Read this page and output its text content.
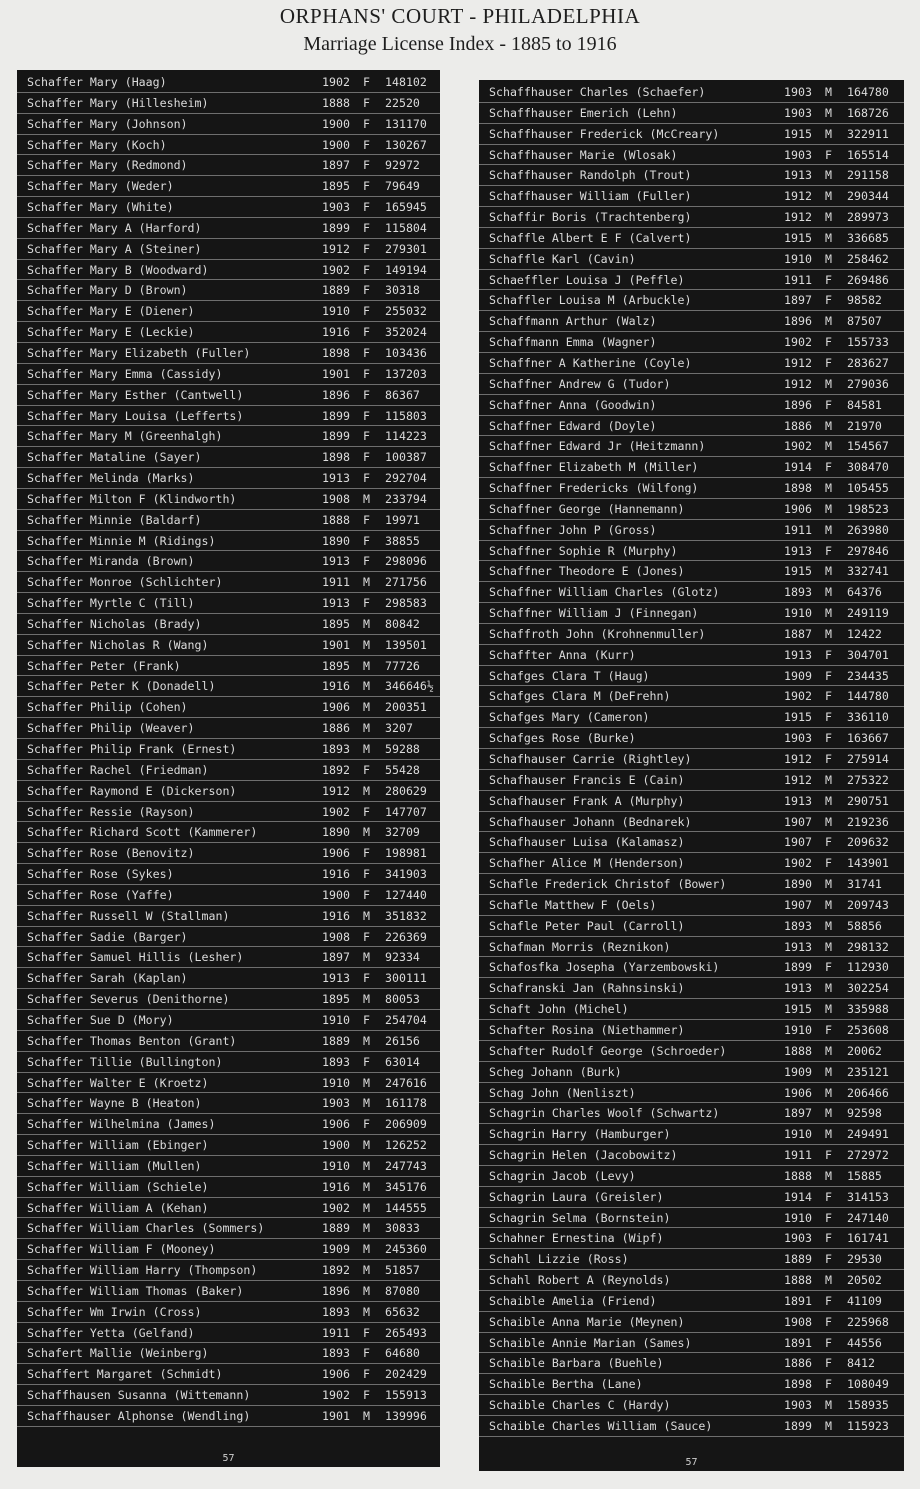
ORPHANS' COURT - PHILADELPHIA
Marriage License Index - 1885 to 1916
Schaffer Mary (Haag)	1902 F 148102
Schaffer Mary (Hillesheim)	1888 F 22520
Schaffer Mary (Johnson)	1900 F 131170
Schaffer Mary (Koch)	1900 F 130267
Schaffer Mary (Redmond)	1897 F 92972
Schaffer Mary (Weder)	1895 F 79649
Schaffer Mary (White)	1903 F 165945
Schaffer Mary A (Harford)	1899 F 115804
Schaffer Mary A (Steiner)	1912 F 279301
Schaffer Mary B (Woodward)	1902 F 149194
Schaffer Mary D (Brown)	1889 F 30318
Schaffer Mary E (Diener)	1910 F 255032
Schaffer Mary E (Leckie)	1916 F 352024
Schaffer Mary Elizabeth (Fuller)	1898 F 103436
Schaffer Mary Emma (Cassidy)	1901 F 137203
Schaffer Mary Esther (Cantwell)	1896 F 86367
Schaffer Mary Louisa (Lefferts)	1899 F 115803
Schaffer Mary M (Greenhalgh)	1899 F 114223
Schaffer Mataline (Sayer)	1898 F 100387
Schaffer Melinda (Marks)	1913 F 292704
Schaffer Milton F (Klindworth)	1908 M 233794
Schaffer Minnie (Baldarf)	1888 F 19971
Schaffer Minnie M (Ridings)	1890 F 38855
Schaffer Miranda (Brown)	1913 F 298096
Schaffer Monroe (Schlichter)	1911 M 271756
Schaffer Myrtle C (Till)	1913 F 298583
Schaffer Nicholas (Brady)	1895 M 80842
Schaffer Nicholas R (Wang)	1901 M 139501
Schaffer Peter (Frank)	1895 M 77726
Schaffer Peter K (Donadell)	1916 M 346646½
Schaffer Philip (Cohen)	1906 M 200351
Schaffer Philip (Weaver)	1886 M 3207
Schaffer Philip Frank (Ernest)	1893 M 59288
Schaffer Rachel (Friedman)	1892 F 55428
Schaffer Raymond E (Dickerson)	1912 M 280629
Schaffer Ressie (Rayson)	1902 F 147707
Schaffer Richard Scott (Kammerer)	1890 M 32709
Schaffer Rose (Benovitz)	1906 F 198981
Schaffer Rose (Sykes)	1916 F 341903
Schaffer Rose (Yaffe)	1900 F 127440
Schaffer Russell W (Stallman)	1916 M 351832
Schaffer Sadie (Barger)	1908 F 226369
Schaffer Samuel Hillis (Lesher)	1897 M 92334
Schaffer Sarah (Kaplan)	1913 F 300111
Schaffer Severus (Denithorne)	1895 M 80053
Schaffer Sue D (Mory)	1910 F 254704
Schaffer Thomas Benton (Grant)	1889 M 26156
Schaffer Tillie (Bullington)	1893 F 63014
Schaffer Walter E (Kroetz)	1910 M 247616
Schaffer Wayne B (Heaton)	1903 M 161178
Schaffer Wilhelmina (James)	1906 F 206909
Schaffer William (Ebinger)	1900 M 126252
Schaffer William (Mullen)	1910 M 247743
Schaffer William (Schiele)	1916 M 345176
Schaffer William A (Kehan)	1902 M 144555
Schaffer William Charles (Sommers)	1889 M 30833
Schaffer William F (Mooney)	1909 M 245360
Schaffer William Harry (Thompson)	1892 M 51857
Schaffer William Thomas (Baker)	1896 M 87080
Schaffer Wm Irwin (Cross)	1893 M 65632
Schaffer Yetta (Gelfand)	1911 F 265493
Schafert Mallie (Weinberg)	1893 F 64680
Schaffert Margaret (Schmidt)	1906 F 202429
Schaffhausen Susanna (Wittemann)	1902 F 155913
Schaffhauser Alphonse (Wendling)	1901 M 139996
57
Schaffhauser Charles (Schaefer)	1903 M 164780
Schaffhauser Emerich (Lehn)	1903 M 168726
Schaffhauser Frederick (McCreary)	1915 M 322911
Schaffhauser Marie (Wlosak)	1903 F 165514
Schaffhauser Randolph (Trout)	1913 M 291158
Schaffhauser William (Fuller)	1912 M 290344
Schaffir Boris (Trachtenberg)	1912 M 289973
Schaffle Albert E F (Calvert)	1915 M 336685
Schaffle Karl (Cavin)	1910 M 258462
Schaeffler Louisa J (Peffle)	1911 F 269486
Schaffler Louisa M (Arbuckle)	1897 F 98582
Schaffmann Arthur (Walz)	1896 M 87507
Schaffmann Emma (Wagner)	1902 F 155733
Schaffner A Katherine (Coyle)	1912 F 283627
Schaffner Andrew G (Tudor)	1912 M 279036
Schaffner Anna (Goodwin)	1896 F 84581
Schaffner Edward (Doyle)	1886 M 21970
Schaffner Edward Jr (Heitzmann)	1902 M 154567
Schaffner Elizabeth M (Miller)	1914 F 308470
Schaffner Fredericks (Wilfong)	1898 M 105455
Schaffner George (Hannemann)	1906 M 198523
Schaffner John P (Gross)	1911 M 263980
Schaffner Sophie R (Murphy)	1913 F 297846
Schaffner Theodore E (Jones)	1915 M 332741
Schaffner William Charles (Glotz)	1893 M 64376
Schaffner William J (Finnegan)	1910 M 249119
Schaffroth John (Krohnenmuller)	1887 M 12422
Schaffter Anna (Kurr)	1913 F 304701
Schafges Clara T (Haug)	1909 F 234435
Schafges Clara M (DeFrehn)	1902 F 144780
Schafges Mary (Cameron)	1915 F 336110
Schafges Rose (Burke)	1903 F 163667
Schafhauser Carrie (Rightley)	1912 F 275914
Schafhauser Francis E (Cain)	1912 M 275322
Schafhauser Frank A (Murphy)	1913 M 290751
Schafhauser Johann (Bednarek)	1907 M 219236
Schafhauser Luisa (Kalamasz)	1907 F 209632
Schafher Alice M (Henderson)	1902 F 143901
Schafle Frederick Christof (Bower)	1890 M 31741
Schafle Matthew F (Oels)	1907 M 209743
Schafle Peter Paul (Carroll)	1893 M 58856
Schafman Morris (Reznikon)	1913 M 298132
Schafosfka Josepha (Yarzembowski)	1899 F 112930
Schafranski Jan (Rahnsinski)	1913 M 302254
Schaft John (Michel)	1915 M 335988
Schafter Rosina (Niethammer)	1910 F 253608
Schafter Rudolf George (Schroeder)	1888 M 20062
Scheg Johann (Burk)	1909 M 235121
Schag John (Nenliszt)	1906 M 206466
Schagrin Charles Woolf (Schwartz)	1897 M 92598
Schagrin Harry (Hamburger)	1910 M 249491
Schagrin Helen (Jacobowitz)	1911 F 272972
Schagrin Jacob (Levy)	1888 M 15885
Schagrin Laura (Greisler)	1914 F 314153
Schagrin Selma (Bornstein)	1910 F 247140
Schahner Ernestina (Wipf)	1903 F 161741
Schahl Lizzie (Ross)	1889 F 29530
Schahl Robert A (Reynolds)	1888 M 20502
Schaible Amelia (Friend)	1891 F 41109
Schaible Anna Marie (Meynen)	1908 F 225968
Schaible Annie Marian (Sames)	1891 F 44556
Schaible Barbara (Buehle)	1886 F 8412
Schaible Bertha (Lane)	1898 F 108049
Schaible Charles C (Hardy)	1903 M 158935
Schaible Charles William (Sauce)	1899 M 115923
57
